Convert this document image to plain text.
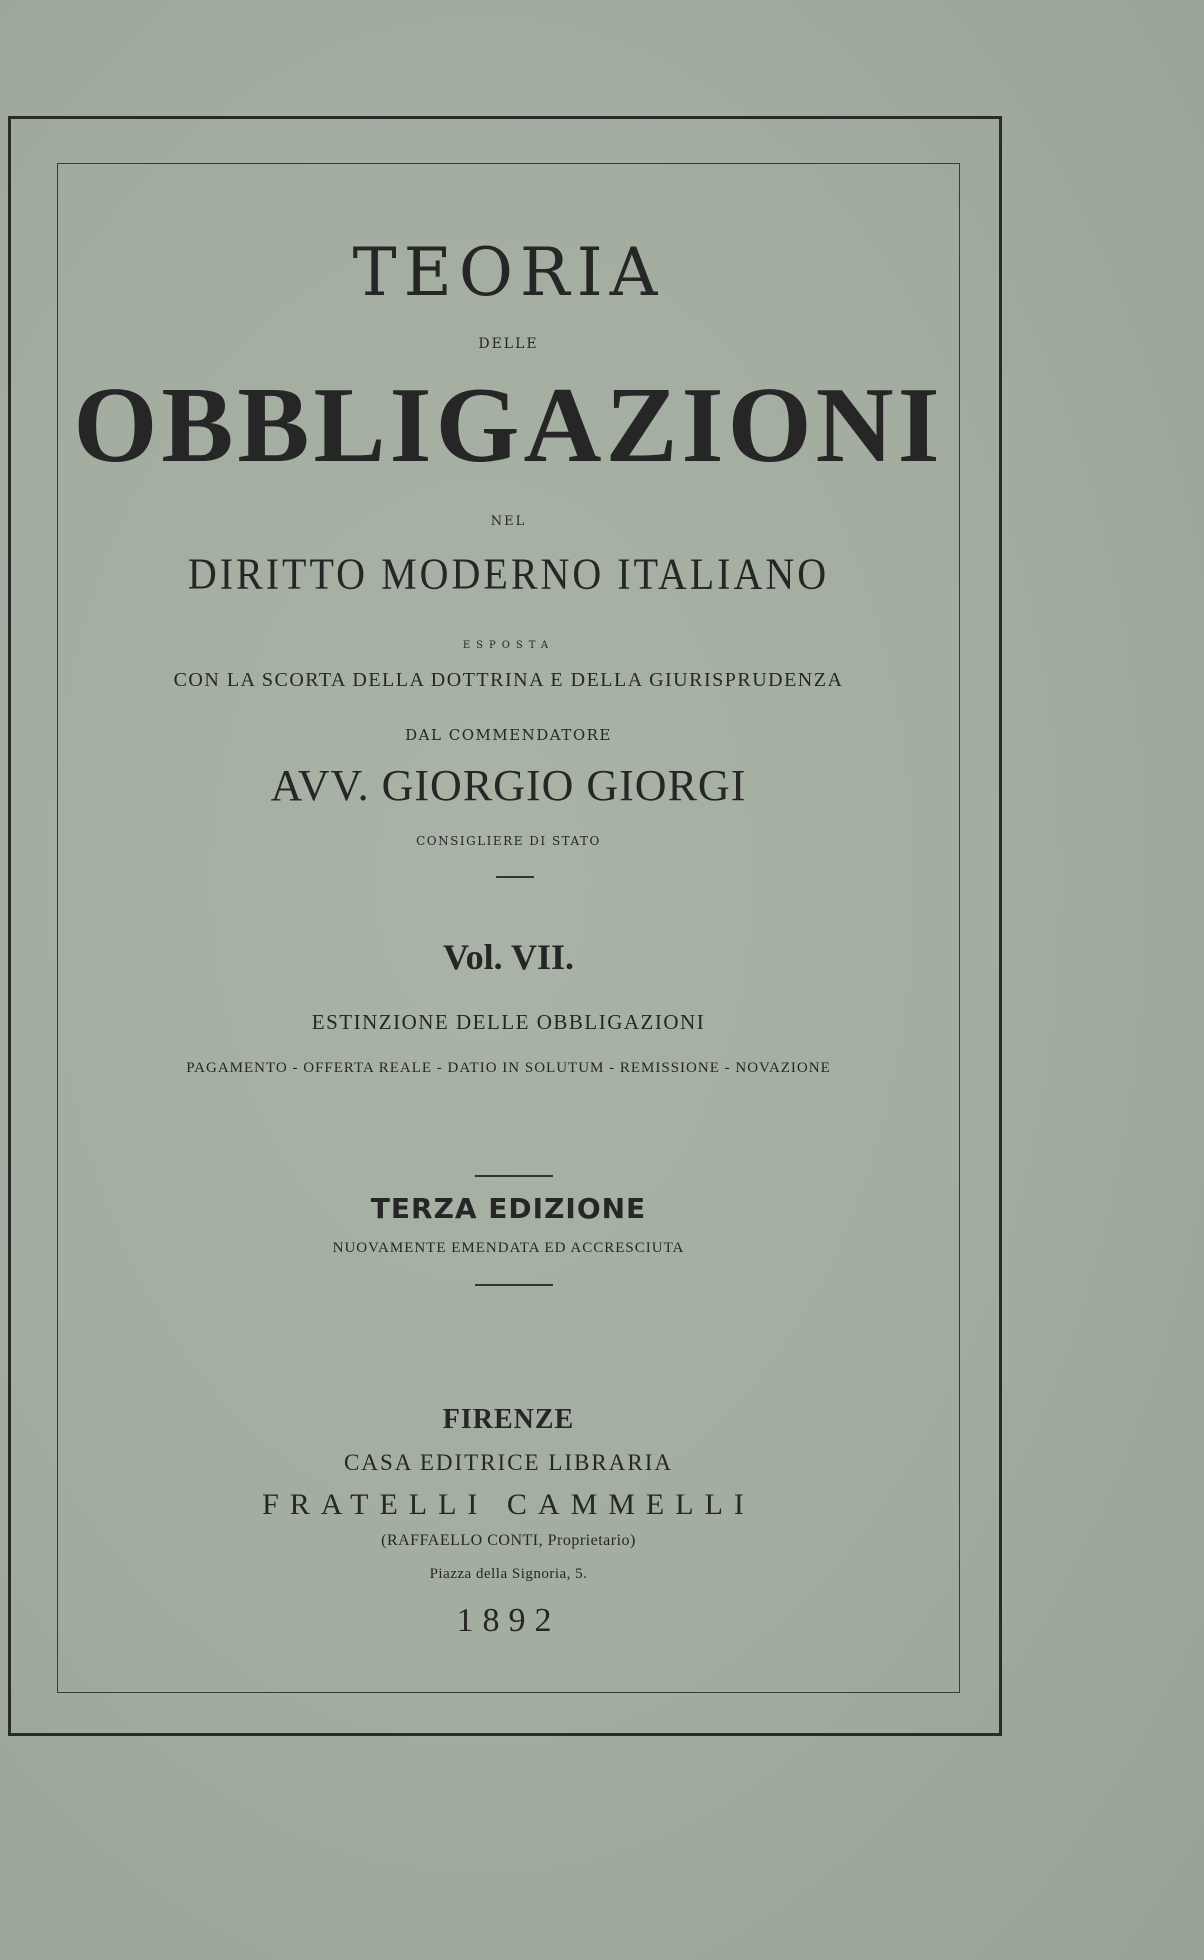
TEORIA
DELLE
OBBLIGAZIONI
NEL
DIRITTO MODERNO ITALIANO
ESPOSTA
CON LA SCORTA DELLA DOTTRINA E DELLA GIURISPRUDENZA
DAL COMMENDATORE
AVV. GIORGIO GIORGI
CONSIGLIERE DI STATO
Vol. VII.
ESTINZIONE DELLE OBBLIGAZIONI
PAGAMENTO - OFFERTA REALE - DATIO IN SOLUTUM - REMISSIONE - NOVAZIONE
TERZA EDIZIONE
NUOVAMENTE EMENDATA ED ACCRESCIUTA
FIRENZE
CASA EDITRICE LIBRARIA
FRATELLI CAMMELLI
(RAFFAELLO CONTI, Proprietario)
Piazza della Signoria, 5.
1892
